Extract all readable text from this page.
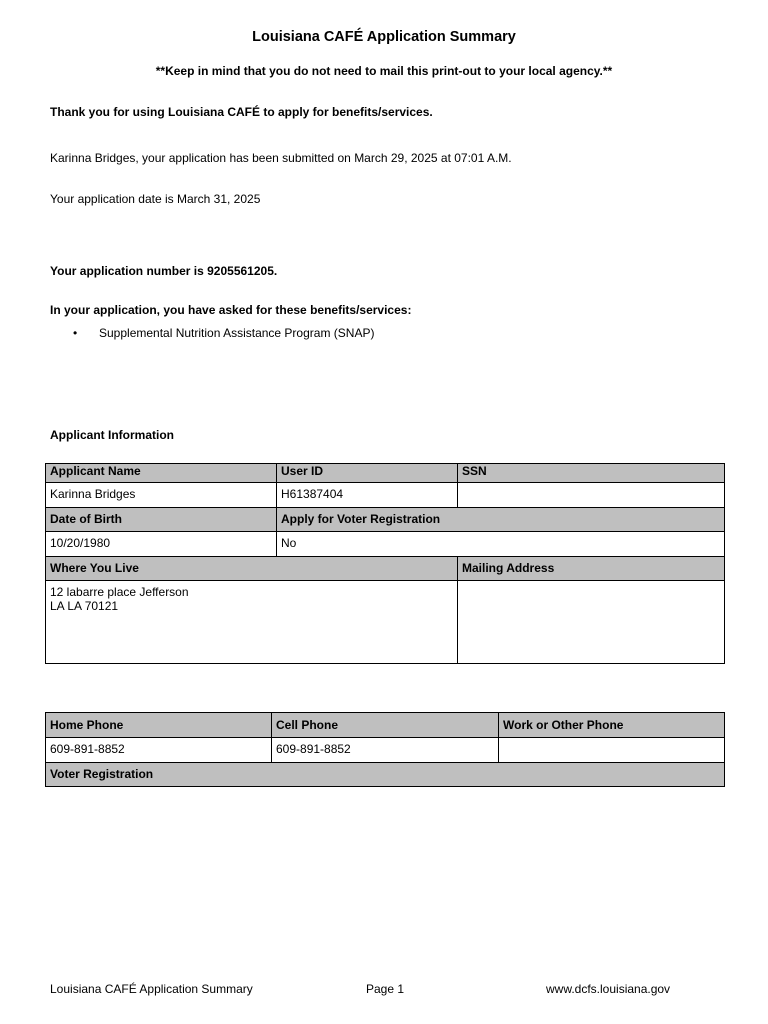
Louisiana CAFÉ Application Summary
**Keep in mind that you do not need to mail this print-out to your local agency.**
Thank you for using Louisiana CAFÉ to apply for benefits/services.
Karinna Bridges, your application has been submitted on March 29, 2025 at 07:01 A.M.
Your application date is March 31, 2025
Your application number is 9205561205.
In your application, you have asked for these benefits/services:
• Supplemental Nutrition Assistance Program (SNAP)
Applicant Information
Applicant Name	User ID	SSN
Karinna Bridges	H61387404	
Date of Birth	Apply for Voter Registration	
10/20/1980	No	
Where You Live		Mailing Address
12 labarre place Jefferson
LA LA 70121		
Home Phone	Cell Phone	Work or Other Phone
609-891-8852	609-891-8852	
Voter Registration		
Louisiana CAFÉ Application Summary	Page 1	www.dcfs.louisiana.gov
